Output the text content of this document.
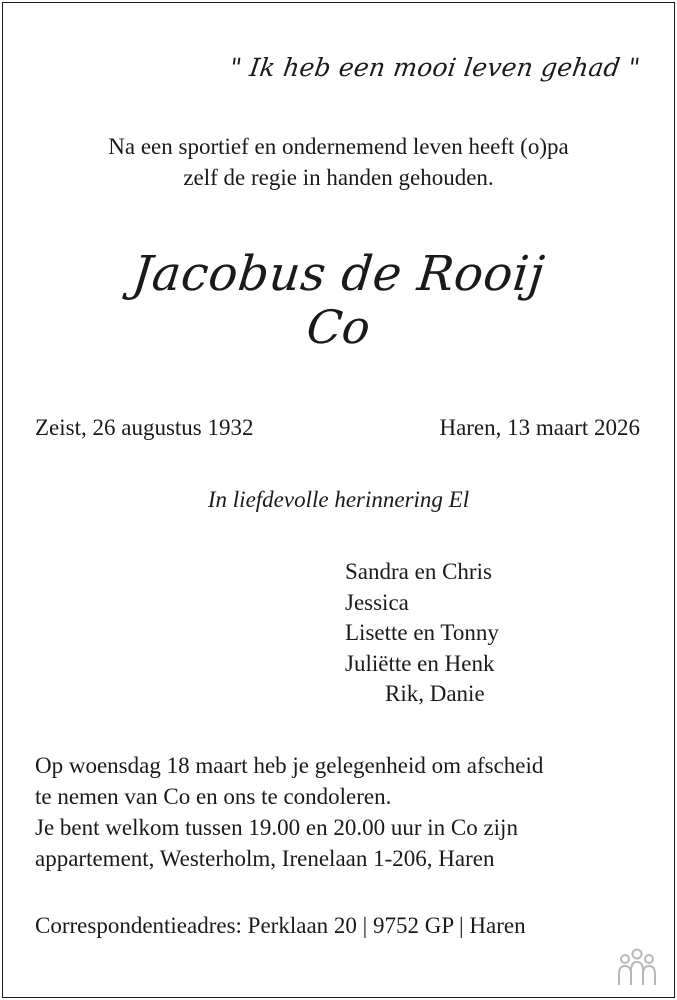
" Ik heb een mooi leven gehad "
Na een sportief en ondernemend leven heeft (o)pa
zelf de regie in handen gehouden.
Jacobus de Rooij
Co
Zeist, 26 augustus 1932	Haren, 13 maart 2026
In liefdevolle herinnering El
Sandra en Chris
Jessica
Lisette en Tonny
Juliëtte en Henk
Rik, Danie
Op woensdag 18 maart heb je gelegenheid om afscheid
te nemen van Co en ons te condoleren.
Je bent welkom tussen 19.00 en 20.00 uur in Co zijn
appartement, Westerholm, Irenelaan 1-206, Haren
Correspondentieadres: Perklaan 20 | 9752 GP | Haren
